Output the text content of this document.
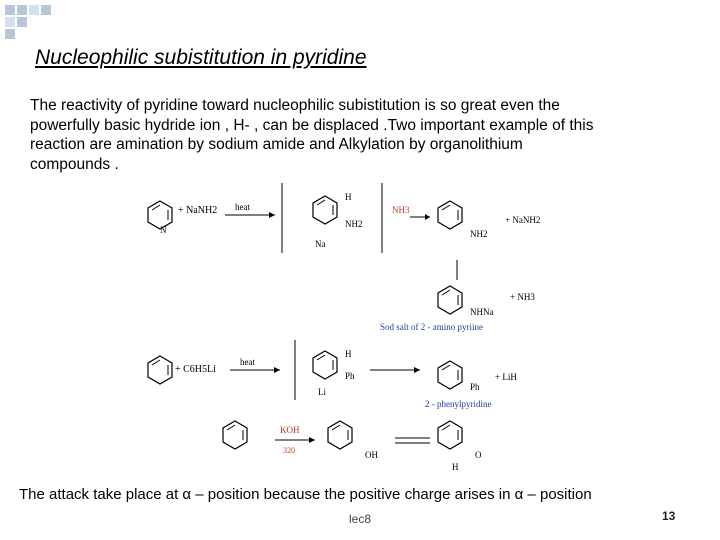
Nucleophilic subistitution in pyridine
The reactivity of pyridine toward nucleophilic subistitution is so great even the
powerfully basic hydride ion , H- , can be displaced .Two important example of this
reaction are amination by sodium amide and Alkylation by organolithium
compounds .
N
+ NaNH2 heat
H
NH2
Na
NH3
NH2
+ NaNH2
NHNa
+ NH3
Sod salt of 2 - amino pyriine
+ C6H5Li
heat
H
Ph
Li	Ph
+ LiH
2 - phenylpyridine
KOH
320	OH	O
H
The attack take place at α – position because the positive charge arises in α – position
lec8	13
